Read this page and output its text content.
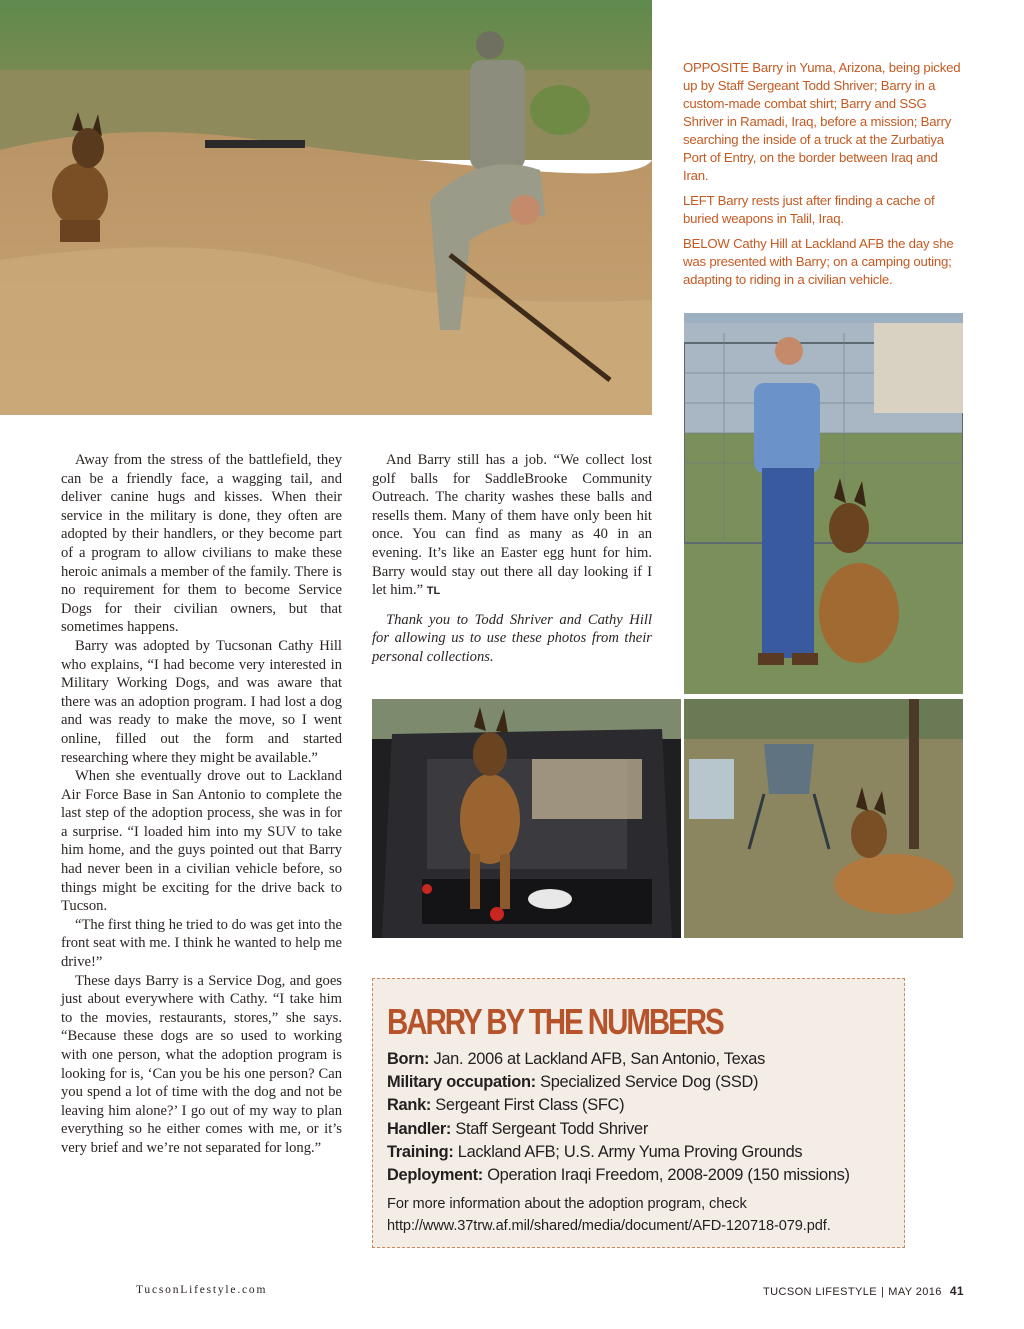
OPPOSITE Barry in Yuma, Arizona, being picked up by Staff Sergeant Todd Shriver; Barry in a custom-made combat shirt; Barry and SSG Shriver in Ramadi, Iraq, before a mission; Barry searching the inside of a truck at the Zurbatiya Port of Entry, on the border between Iraq and Iran.

LEFT Barry rests just after finding a cache of buried weapons in Talil, Iraq.

BELOW Cathy Hill at Lackland AFB the day she was presented with Barry; on a camping outing; adapting to riding in a civilian vehicle.

Away from the stress of the battlefield, they can be a friendly face, a wagging tail, and deliver canine hugs and kisses. When their service in the military is done, they often are adopted by their handlers, or they become part of a program to allow civilians to make these heroic animals a member of the family. There is no requirement for them to become Service Dogs for their civilian owners, but that sometimes happens.

Barry was adopted by Tucsonan Cathy Hill who explains, “I had become very interested in Military Working Dogs, and was aware that there was an adoption program. I had lost a dog and was ready to make the move, so I went online, filled out the form and started researching where they might be available.”

When she eventually drove out to Lackland Air Force Base in San Antonio to complete the last step of the adoption process, she was in for a surprise. “I loaded him into my SUV to take him home, and the guys pointed out that Barry had never been in a civilian vehicle before, so things might be exciting for the drive back to Tucson.

“The first thing he tried to do was get into the front seat with me. I think he wanted to help me drive!”

These days Barry is a Service Dog, and goes just about everywhere with Cathy. “I take him to the movies, restaurants, stores,” she says. “Because these dogs are so used to working with one person, what the adoption program is looking for is, ‘Can you be his one person? Can you spend a lot of time with the dog and not be leaving him alone?’ I go out of my way to plan everything so he either comes with me, or it’s very brief and we’re not separated for long.”

And Barry still has a job. “We collect lost golf balls for SaddleBrooke Community Outreach. The charity washes these balls and resells them. Many of them have only been hit once. You can find as many as 40 in an evening. It’s like an Easter egg hunt for him. Barry would stay out there all day looking if I let him.” TL

Thank you to Todd Shriver and Cathy Hill for allowing us to use these photos from their personal collections.

BARRY BY THE NUMBERS
Born: Jan. 2006 at Lackland AFB, San Antonio, Texas
Military occupation: Specialized Service Dog (SSD)
Rank: Sergeant First Class (SFC)
Handler: Staff Sergeant Todd Shriver
Training: Lackland AFB; U.S. Army Yuma Proving Grounds
Deployment: Operation Iraqi Freedom, 2008-2009 (150 missions)
For more information about the adoption program, check http://www.37trw.af.mil/shared/media/document/AFD-120718-079.pdf.
TucsonLifestyle.com	TUCSON LIFESTYLE | MAY 2016 41
